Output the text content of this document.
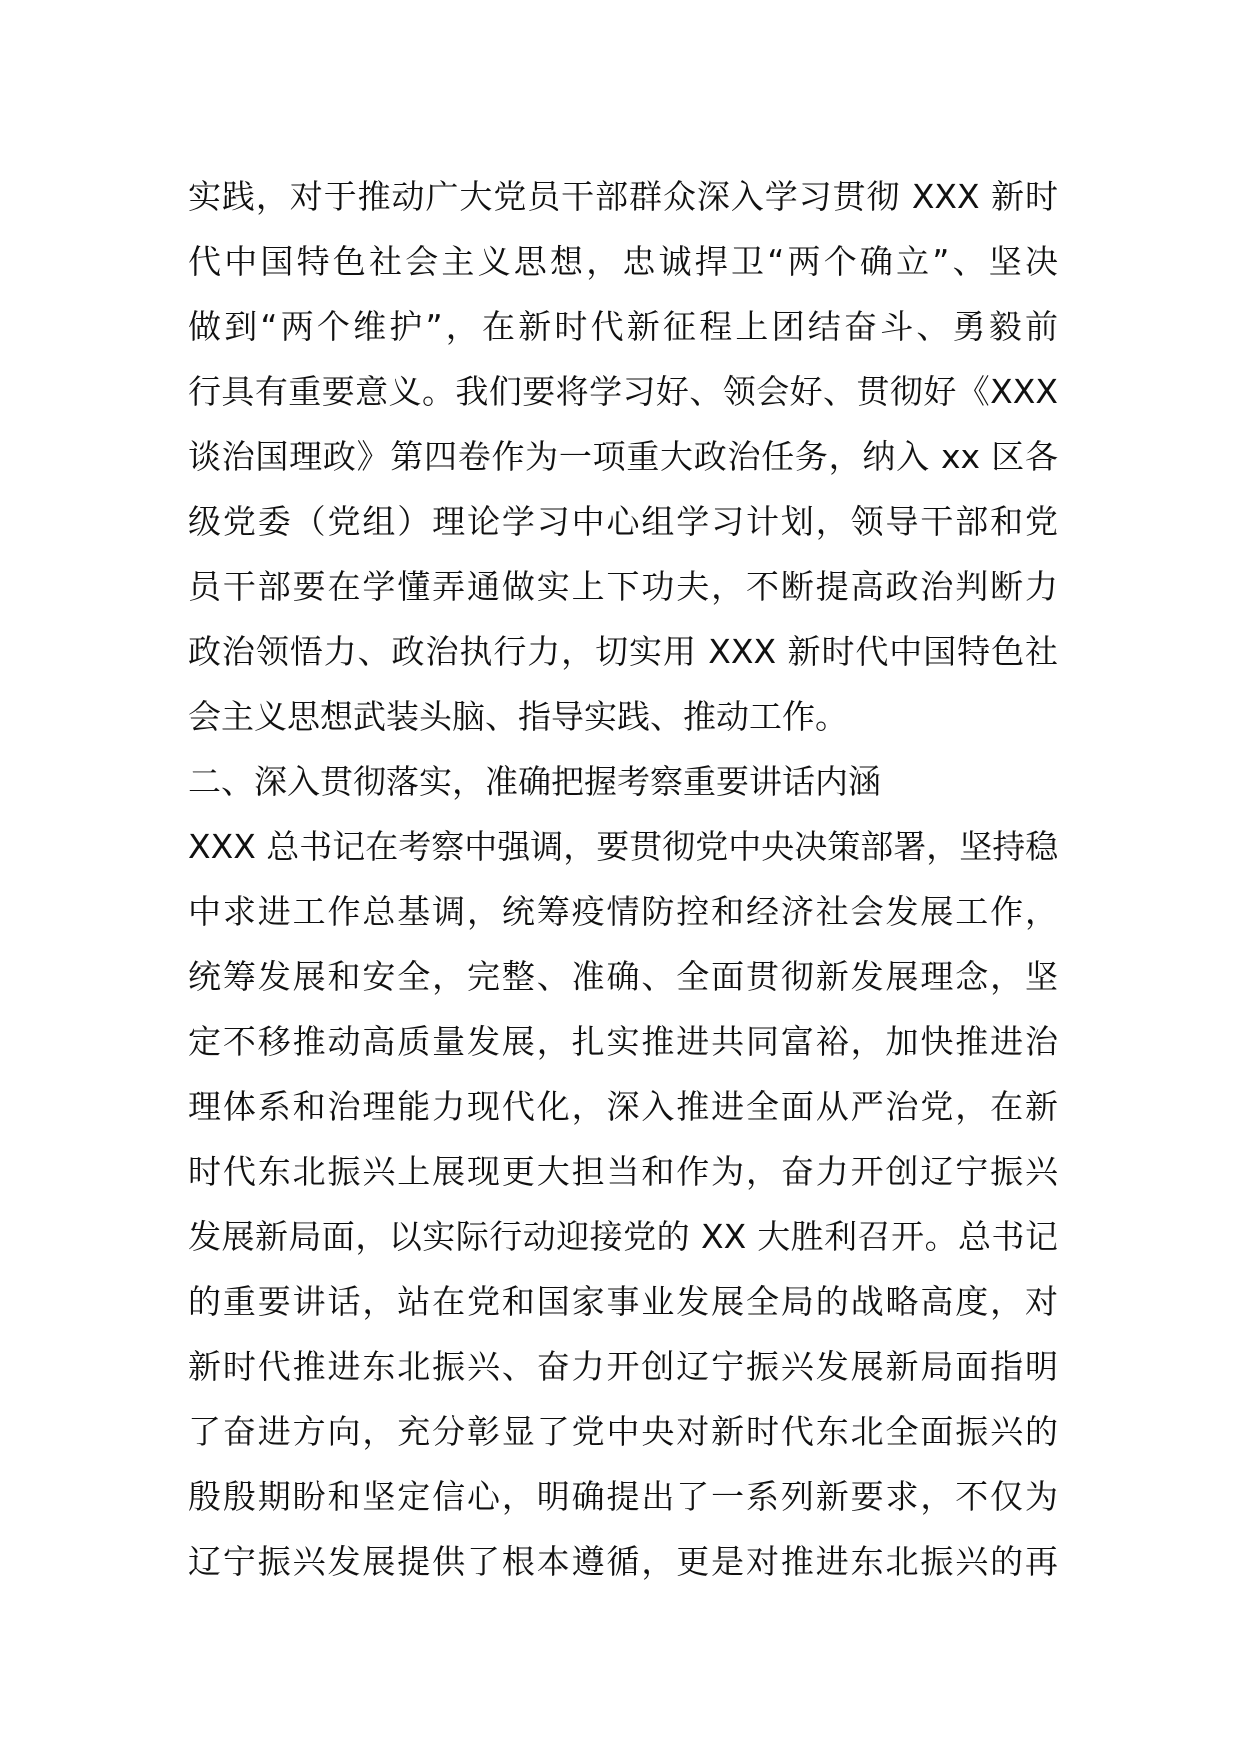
实践，对于推动广大党员干部群众深入学习贯彻 XXX 新时
代中国特色社会主义思想，忠诚捍卫“两个确立”、坚决
做到“两个维护”，在新时代新征程上团结奋斗、勇毅前
行具有重要意义。我们要将学习好、领会好、贯彻好《XXX
谈治国理政》第四卷作为一项重大政治任务，纳入 xx 区各
级党委（党组）理论学习中心组学习计划，领导干部和党
员干部要在学懂弄通做实上下功夫，不断提高政治判断力
政治领悟力、政治执行力，切实用 XXX 新时代中国特色社
会主义思想武装头脑、指导实践、推动工作。
二、深入贯彻落实，准确把握考察重要讲话内涵
XXX 总书记在考察中强调，要贯彻党中央决策部署，坚持稳
中求进工作总基调，统筹疫情防控和经济社会发展工作，
统筹发展和安全，完整、准确、全面贯彻新发展理念，坚
定不移推动高质量发展，扎实推进共同富裕，加快推进治
理体系和治理能力现代化，深入推进全面从严治党，在新
时代东北振兴上展现更大担当和作为，奋力开创辽宁振兴
发展新局面，以实际行动迎接党的 XX 大胜利召开。总书记
的重要讲话，站在党和国家事业发展全局的战略高度，对
新时代推进东北振兴、奋力开创辽宁振兴发展新局面指明
了奋进方向，充分彰显了党中央对新时代东北全面振兴的
殷殷期盼和坚定信心，明确提出了一系列新要求，不仅为
辽宁振兴发展提供了根本遵循，更是对推进东北振兴的再
